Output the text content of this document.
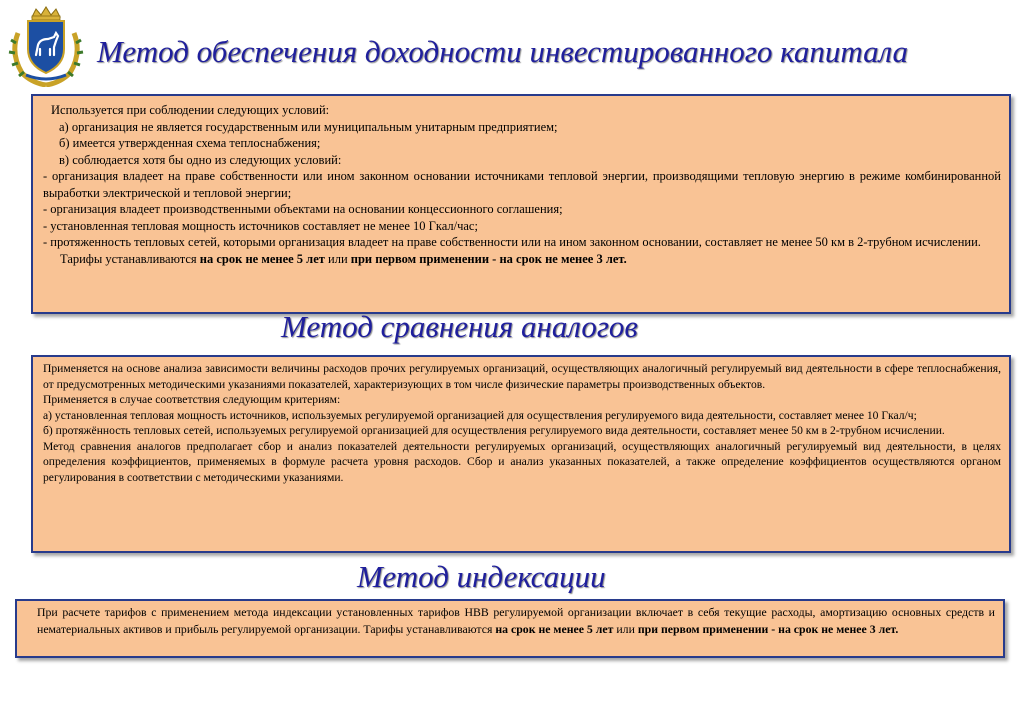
Метод обеспечения доходности инвестированного капитала
Используется при соблюдении следующих условий:
а) организация не является государственным или муниципальным унитарным предприятием;
б) имеется утвержденная схема теплоснабжения;
в) соблюдается хотя бы одно из следующих условий:
- организация владеет на праве собственности или ином законном основании источниками тепловой энергии, производящими тепловую энергию в режиме комбинированной выработки электрической и тепловой энергии;
- организация владеет производственными объектами на основании концессионного соглашения;
- установленная тепловая мощность источников составляет не менее 10 Гкал/час;
- протяженность тепловых сетей, которыми организация владеет на праве собственности или на ином законном основании, составляет не менее 50 км в 2-трубном исчислении.
Тарифы устанавливаются на срок не менее 5 лет или при первом применении - на срок не менее 3 лет.
Метод сравнения аналогов
Применяется на основе анализа зависимости величины расходов прочих регулируемых организаций, осуществляющих аналогичный регулируемый вид деятельности в сфере теплоснабжения, от предусмотренных методическими указаниями показателей, характеризующих в том числе физические параметры производственных объектов.
Применяется в случае соответствия следующим критериям:
а) установленная тепловая мощность источников, используемых регулируемой организацией для осуществления регулируемого вида деятельности, составляет менее 10 Гкал/ч;
б) протяжённость тепловых сетей, используемых регулируемой организацией для осуществления регулируемого вида деятельности, составляет менее 50 км в 2-трубном исчислении.
Метод сравнения аналогов предполагает сбор и анализ показателей деятельности регулируемых организаций, осуществляющих аналогичный регулируемый вид деятельности, в целях определения коэффициентов, применяемых в формуле расчета уровня расходов. Сбор и анализ указанных показателей, а также определение коэффициентов осуществляются органом регулирования в соответствии с методическими указаниями.
Метод индексации
При расчете тарифов с применением метода индексации установленных тарифов НВВ регулируемой организации включает в себя текущие расходы, амортизацию основных средств и нематериальных активов и прибыль регулируемой организации. Тарифы устанавливаются на срок не менее 5 лет или при первом применении - на срок не менее 3 лет.
